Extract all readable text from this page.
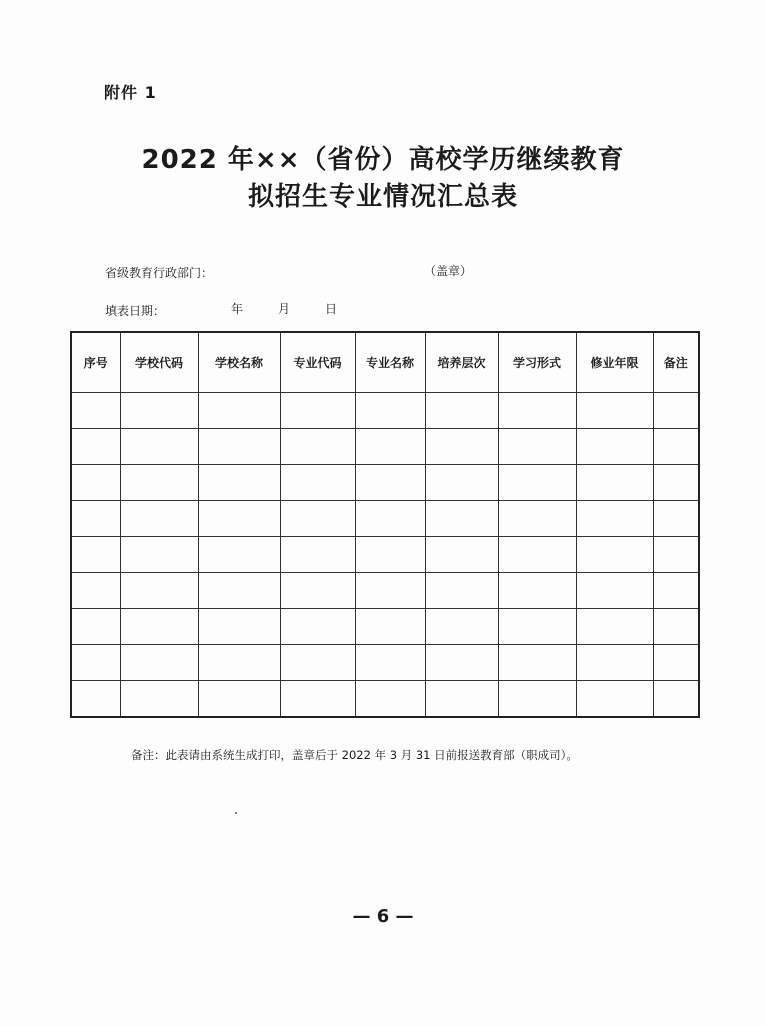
附件 1
2022 年××（省份）高校学历继续教育
拟招生专业情况汇总表
省级教育行政部门：	（盖章）
填表日期：	年	月	日
序号	学校代码	学校名称	专业代码	专业名称	培养层次	学习形式	修业年限	备注

备注：此表请由系统生成打印，盖章后于 2022 年 3 月 31 日前报送教育部（职成司）。
— 6 —
